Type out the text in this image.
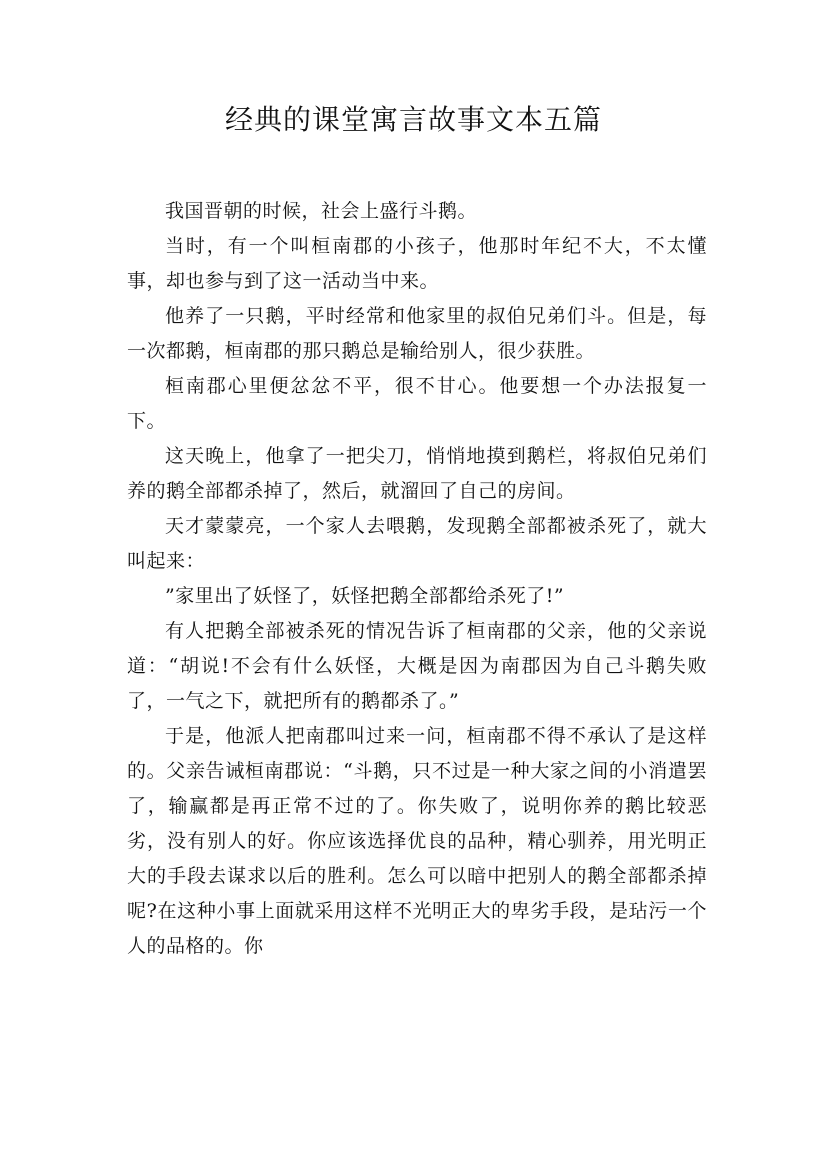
经典的课堂寓言故事文本五篇

我国晋朝的时候，社会上盛行斗鹅。

当时，有一个叫桓南郡的小孩子，他那时年纪不大，不太懂事，却也参与到了这一活动当中来。

他养了一只鹅，平时经常和他家里的叔伯兄弟们斗。但是，每一次都鹅，桓南郡的那只鹅总是输给别人，很少获胜。

桓南郡心里便忿忿不平，很不甘心。他要想一个办法报复一下。

这天晚上，他拿了一把尖刀，悄悄地摸到鹅栏，将叔伯兄弟们养的鹅全部都杀掉了，然后，就溜回了自己的房间。

天才蒙蒙亮，一个家人去喂鹅，发现鹅全部都被杀死了，就大叫起来：

”家里出了妖怪了，妖怪把鹅全部都给杀死了!”

有人把鹅全部被杀死的情况告诉了桓南郡的父亲，他的父亲说道：“胡说!不会有什么妖怪，大概是因为南郡因为自己斗鹅失败了，一气之下，就把所有的鹅都杀了。”

于是，他派人把南郡叫过来一问，桓南郡不得不承认了是这样的。父亲告诫桓南郡说：“斗鹅，只不过是一种大家之间的小消遣罢了，输赢都是再正常不过的了。你失败了，说明你养的鹅比较恶劣，没有别人的好。你应该选择优良的品种，精心驯养，用光明正大的手段去谋求以后的胜利。怎么可以暗中把别人的鹅全部都杀掉呢?在这种小事上面就采用这样不光明正大的卑劣手段，是玷污一个人的品格的。你
